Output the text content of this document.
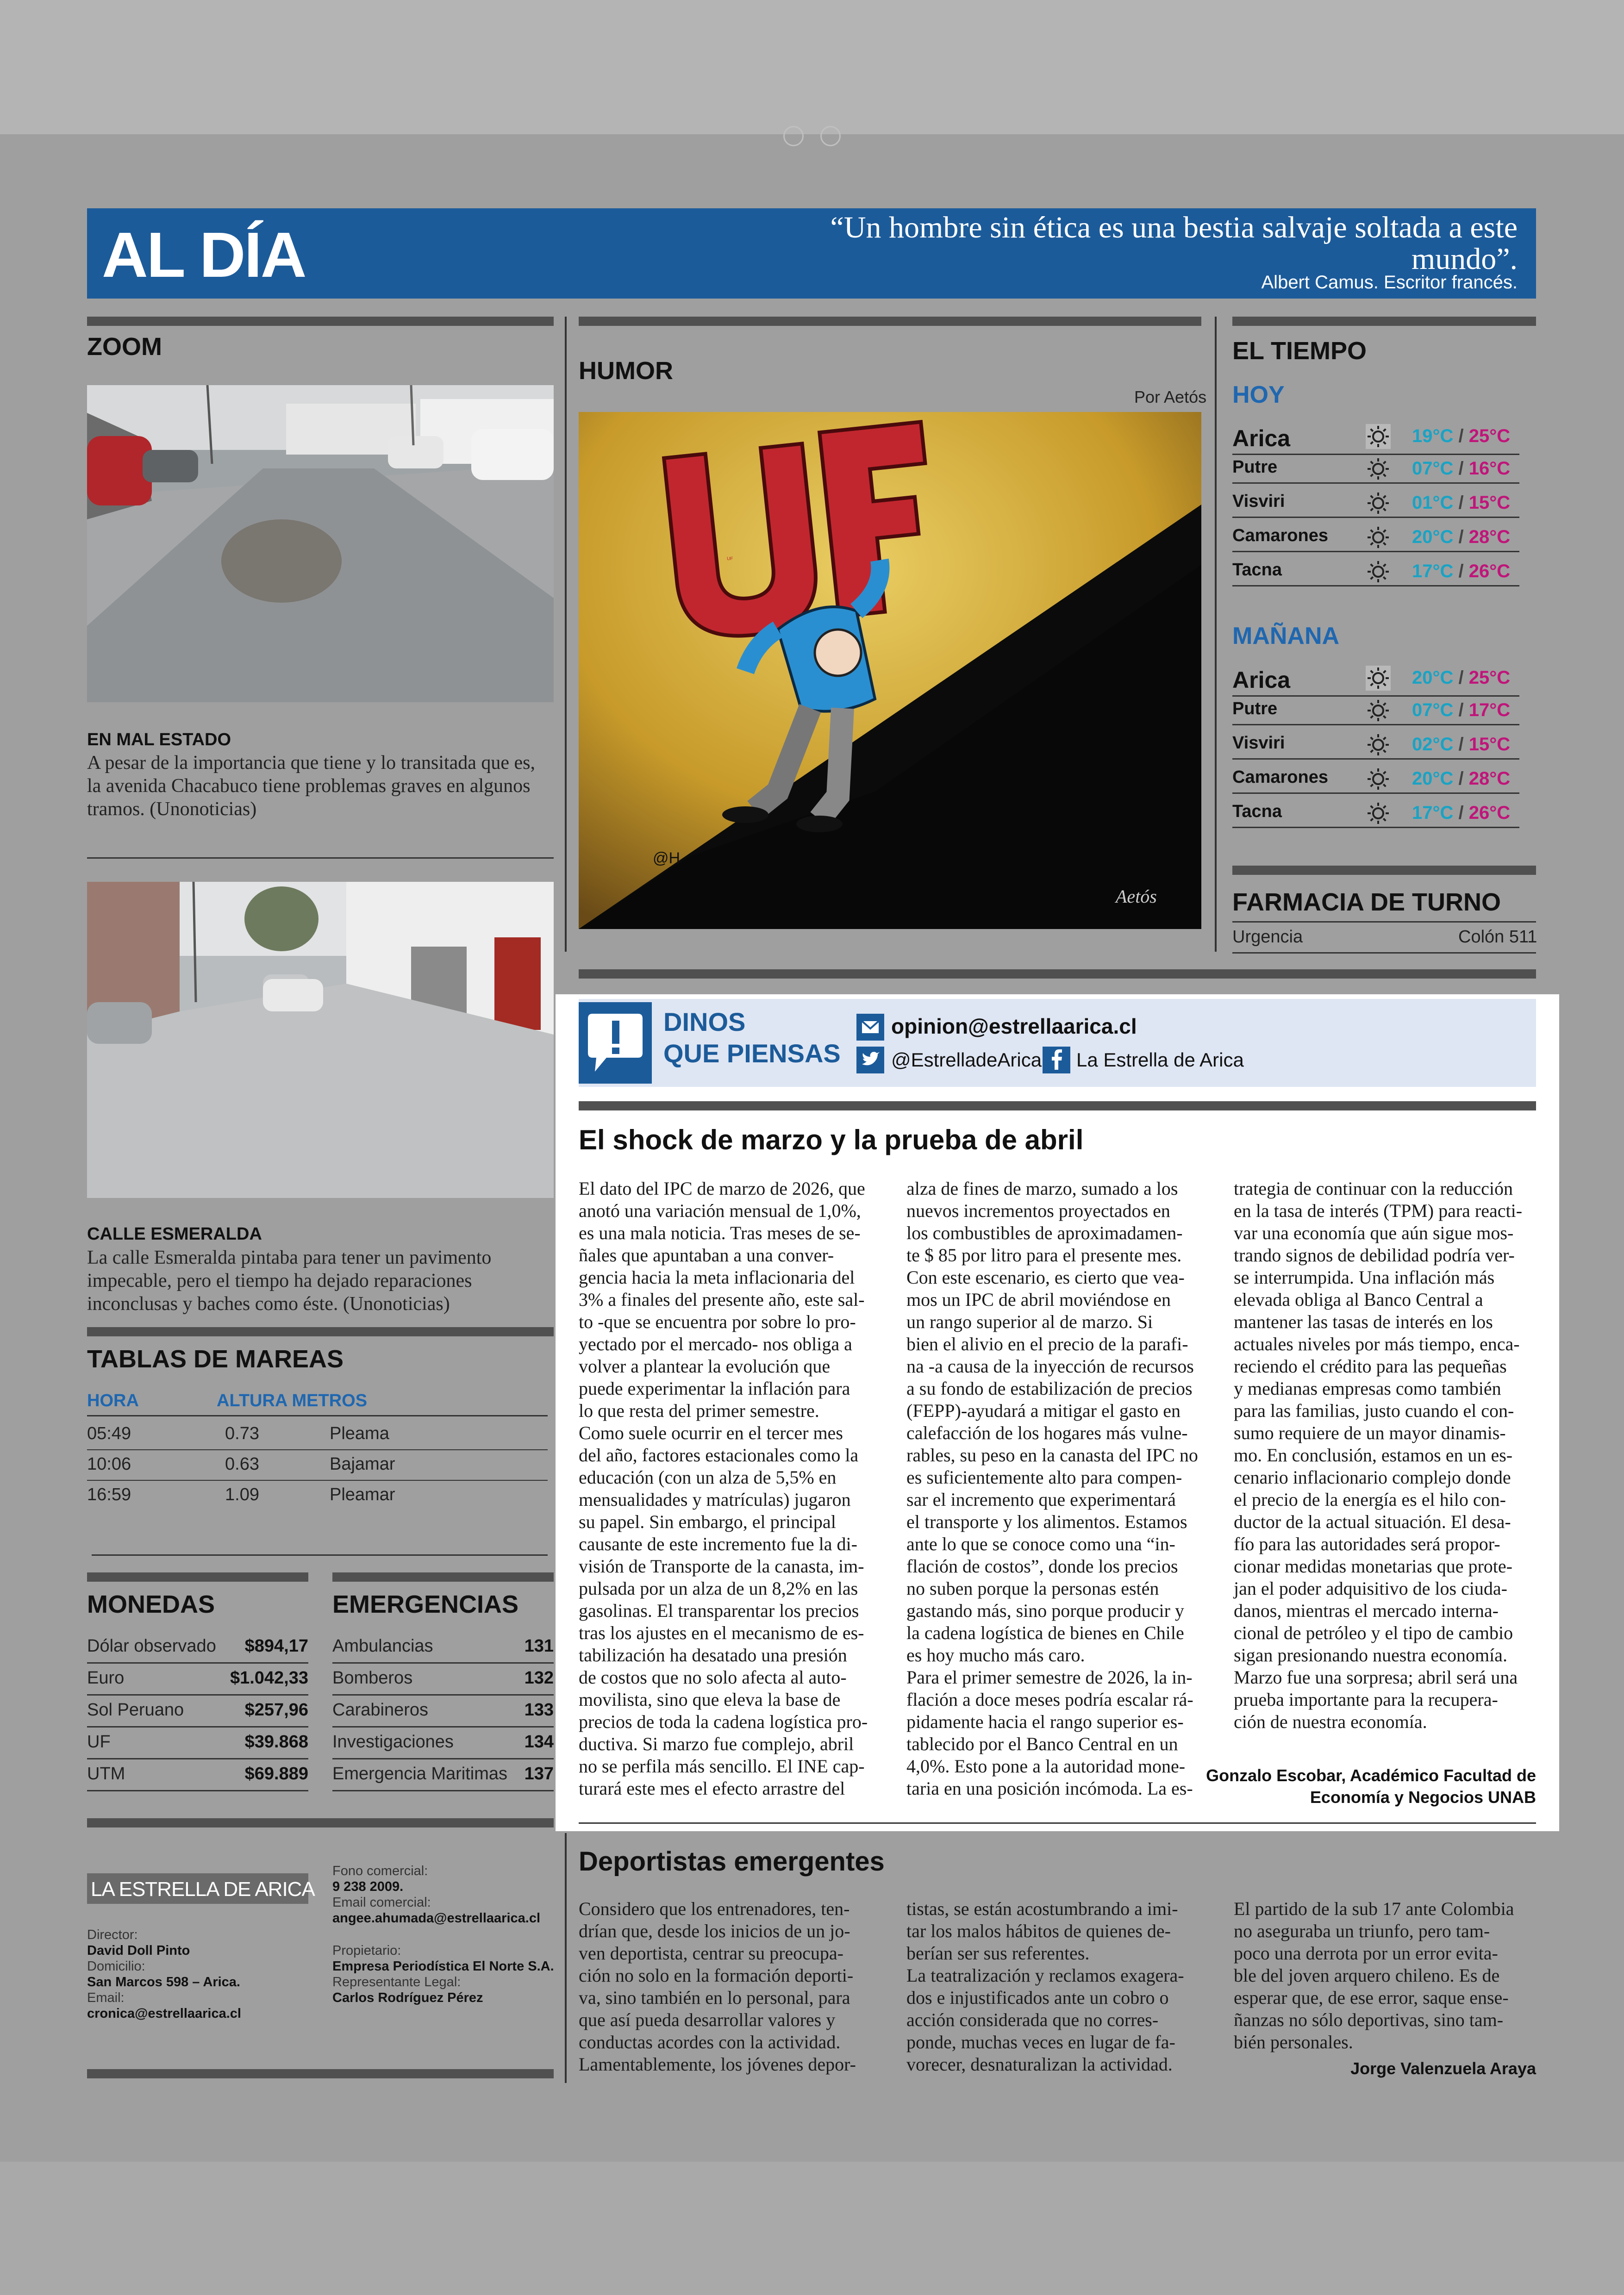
AL DÍA	“Un hombre sin ética es una bestia salvaje soltada a este mundo”.
Albert Camus. Escritor francés.
ZOOM
EN MAL ESTADO
A pesar de la importancia que tiene y lo transitada que es, la avenida Chacabuco tiene problemas graves en algunos tramos. (Unonoticias)
CALLE ESMERALDA
La calle Esmeralda pintaba para tener un pavimento impecable, pero el tiempo ha dejado reparaciones inconclusas y baches como éste. (Unonoticias)
TABLAS DE MAREAS
HORA	ALTURA METROS
05:49	0.73	Pleama
10:06	0.63	Bajamar
16:59	1.09	Pleamar
MONEDAS	EMERGENCIAS
Dólar observado	$894,17
Euro	$1.042,33
Sol Peruano	$257,96
UF	$39.868
UTM	$69.889
Ambulancias	131
Bomberos	132
Carabineros	133
Investigaciones	134
Emergencia Maritimas 137
LA ESTRELLA DE ARICA
Director:
David Doll Pinto
Domicilio:
San Marcos 598 – Arica.
Email:
cronica@estrellaarica.cl
Fono comercial:
9 238 2009.
Email comercial:
angee.ahumada@estrellaarica.cl
Propietario:
Empresa Periodística El Norte S.A.
Representante Legal:
Carlos Rodríguez Pérez
HUMOR
Por Aetós
UF
@H
Aetós
EL TIEMPO
HOY
Arica	19°C / 25°C
Putre	07°C / 16°C
Visviri	01°C / 15°C
Camarones	20°C / 28°C
Tacna	17°C / 26°C
MAÑANA
Arica	20°C / 25°C
Putre	07°C / 17°C
Visviri	02°C / 15°C
Camarones	20°C / 28°C
Tacna	17°C / 26°C
FARMACIA DE TURNO
Urgencia	Colón 511
DINOS
QUE PIENSAS
opinion@estrellaarica.cl
@EstrelladeArica La Estrella de Arica
El shock de marzo y la prueba de abril
El dato del IPC de marzo de 2026, que
anotó una variación mensual de 1,0%,
es una mala noticia. Tras meses de se-
ñales que apuntaban a una conver-
gencia hacia la meta inflacionaria del
3% a finales del presente año, este sal-
to -que se encuentra por sobre lo pro-
yectado por el mercado- nos obliga a
volver a plantear la evolución que
puede experimentar la inflación para
lo que resta del primer semestre.
Como suele ocurrir en el tercer mes
del año, factores estacionales como la
educación (con un alza de 5,5% en
mensualidades y matrículas) jugaron
su papel. Sin embargo, el principal
causante de este incremento fue la di-
visión de Transporte de la canasta, im-
pulsada por un alza de un 8,2% en las
gasolinas. El transparentar los precios
tras los ajustes en el mecanismo de es-
tabilización ha desatado una presión
de costos que no solo afecta al auto-
movilista, sino que eleva la base de
precios de toda la cadena logística pro-
ductiva. Si marzo fue complejo, abril
no se perfila más sencillo. El INE cap-
turará este mes el efecto arrastre del
alza de fines de marzo, sumado a los
nuevos incrementos proyectados en
los combustibles de aproximadamen-
te $ 85 por litro para el presente mes.
Con este escenario, es cierto que vea-
mos un IPC de abril moviéndose en
un rango superior al de marzo. Si
bien el alivio en el precio de la parafi-
na -a causa de la inyección de recursos
a su fondo de estabilización de precios
(FEPP)-ayudará a mitigar el gasto en
calefacción de los hogares más vulne-
rables, su peso en la canasta del IPC no
es suficientemente alto para compen-
sar el incremento que experimentará
el transporte y los alimentos. Estamos
ante lo que se conoce como una “in-
flación de costos”, donde los precios
no suben porque la personas estén
gastando más, sino porque producir y
la cadena logística de bienes en Chile
es hoy mucho más caro.
Para el primer semestre de 2026, la in-
flación a doce meses podría escalar rá-
pidamente hacia el rango superior es-
tablecido por el Banco Central en un
4,0%. Esto pone a la autoridad mone-
taria en una posición incómoda. La es-
trategia de continuar con la reducción
en la tasa de interés (TPM) para reacti-
var una economía que aún sigue mos-
trando signos de debilidad podría ver-
se interrumpida. Una inflación más
elevada obliga al Banco Central a
mantener las tasas de interés en los
actuales niveles por más tiempo, enca-
reciendo el crédito para las pequeñas
y medianas empresas como también
para las familias, justo cuando el con-
sumo requiere de un mayor dinamis-
mo. En conclusión, estamos en un es-
cenario inflacionario complejo donde
el precio de la energía es el hilo con-
ductor de la actual situación. El desa-
fío para las autoridades será propor-
cionar medidas monetarias que prote-
jan el poder adquisitivo de los ciuda-
danos, mientras el mercado interna-
cional de petróleo y el tipo de cambio
sigan presionando nuestra economía.
Marzo fue una sorpresa; abril será una
prueba importante para la recupera-
ción de nuestra economía.
Gonzalo Escobar, Académico Facultad de
Economía y Negocios UNAB
Deportistas emergentes
Considero que los entrenadores, ten-
drían que, desde los inicios de un jo-
ven deportista, centrar su preocupa-
ción no solo en la formación deporti-
va, sino también en lo personal, para
que así pueda desarrollar valores y
conductas acordes con la actividad.
Lamentablemente, los jóvenes depor-
tistas, se están acostumbrando a imi-
tar los malos hábitos de quienes de-
berían ser sus referentes.
La teatralización y reclamos exagera-
dos e injustificados ante un cobro o
acción considerada que no corres-
ponde, muchas veces en lugar de fa-
vorecer, desnaturalizan la actividad.
El partido de la sub 17 ante Colombia
no aseguraba un triunfo, pero tam-
poco una derrota por un error evita-
ble del joven arquero chileno. Es de
esperar que, de ese error, saque ense-
ñanzas no sólo deportivas, sino tam-
bién personales.
Jorge Valenzuela Araya
